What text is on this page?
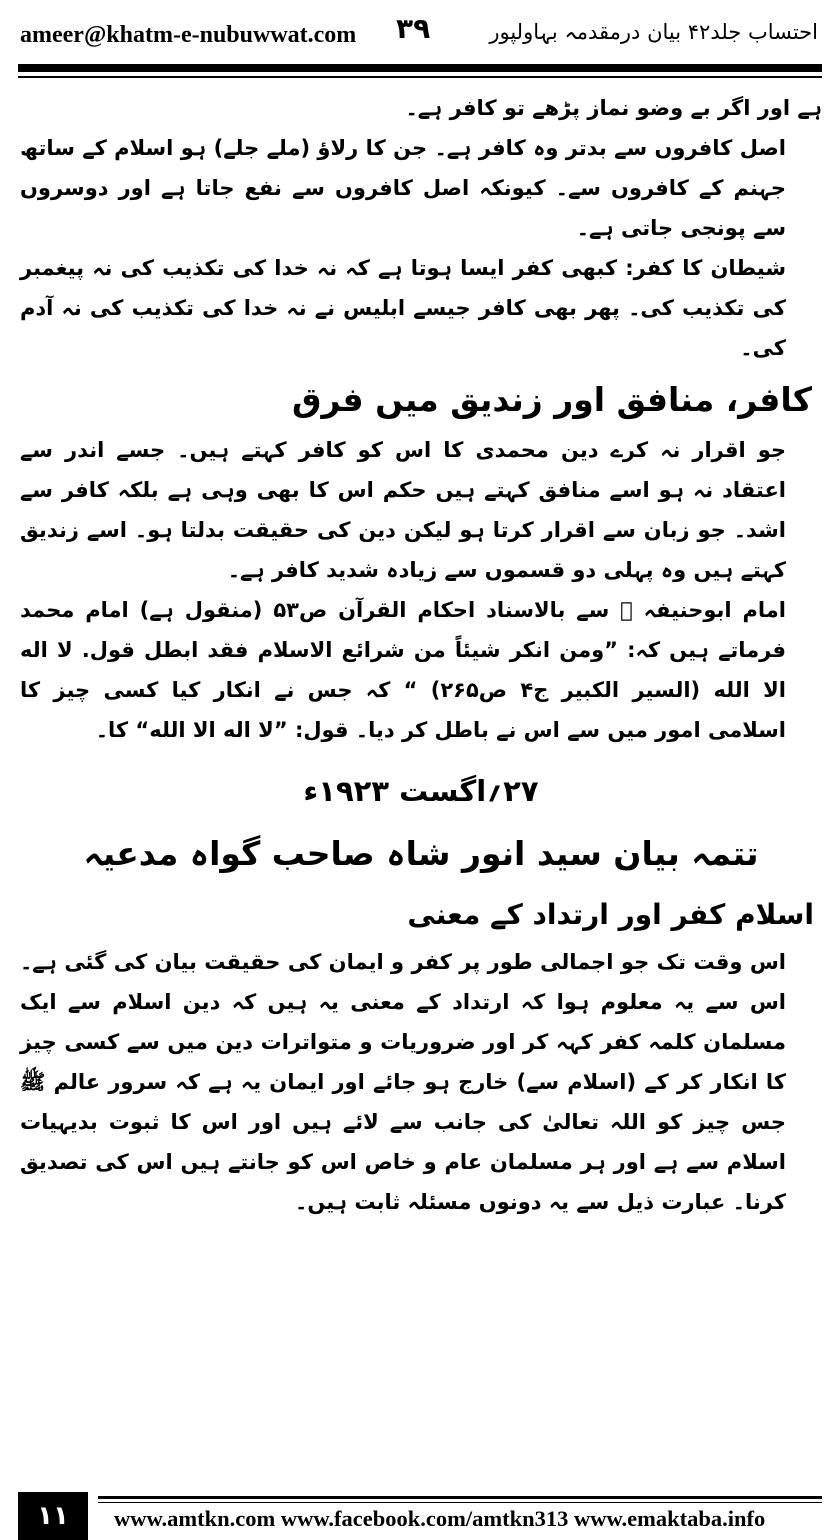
ameer@khatm-e-nubuwwat.com ۳۹	احتساب جلد۴۲ بیان درمقدمہ بہاولپور

ہے اور اگر بے وضو نماز پڑھے تو کافر ہے۔

اصل کافروں سے بدتر وہ کافر ہے۔ جن کا رلاؤ (ملے جلے) ہو اسلام کے ساتھ جہنم کے کافروں سے۔ کیونکہ اصل کافروں سے نفع جاتا ہے اور دوسروں سے پونجی جاتی ہے۔

شیطان کا کفر: کبھی کفر ایسا ہوتا ہے کہ نہ خدا کی تکذیب کی نہ پیغمبر کی تکذیب کی۔ پھر بھی کافر جیسے ابلیس نے نہ خدا کی تکذیب کی نہ آدم کی۔

کافر، منافق اور زندیق میں فرق

جو اقرار نہ کرے دین محمدی کا اس کو کافر کہتے ہیں۔ جسے اندر سے اعتقاد نہ ہو اسے منافق کہتے ہیں حکم اس کا بھی وہی ہے بلکہ کافر سے اشد۔ جو زبان سے اقرار کرتا ہو لیکن دین کی حقیقت بدلتا ہو۔ اسے زندیق کہتے ہیں وہ پہلی دو قسموں سے زیادہ شدید کافر ہے۔

امام ابوحنیفہ ﷫ سے بالاسناد احکام القرآن ص۵۳ (منقول ہے) امام محمد فرماتے ہیں کہ: ”ومن انکر شیئاً من شرائع الاسلام فقد ابطل قول. لا اله الا الله (السیر الکبیر ج۴ ص۲۶۵) “ کہ جس نے انکار کیا کسی چیز کا اسلامی امور میں سے اس نے باطل کر دیا۔ قول: ”لا اله الا الله“ کا۔

۲۷؍اگست ۱۹۲۳ء
تتمہ بیان سید انور شاہ صاحب گواہ مدعیہ
اسلام کفر اور ارتداد کے معنی

اس وقت تک جو اجمالی طور پر کفر و ایمان کی حقیقت بیان کی گئی ہے۔ اس سے یہ معلوم ہوا کہ ارتداد کے معنی یہ ہیں کہ دین اسلام سے ایک مسلمان کلمہ کفر کہہ کر اور ضروریات و متواترات دین میں سے کسی چیز کا انکار کر کے (اسلام سے) خارج ہو جائے اور ایمان یہ ہے کہ سرور عالم ﷺ جس چیز کو اللہ تعالیٰ کی جانب سے لائے ہیں اور اس کا ثبوت بدیہیات اسلام سے ہے اور ہر مسلمان عام و خاص اس کو جانتے ہیں اس کی تصدیق کرنا۔ عبارت ذیل سے یہ دونوں مسئلہ ثابت ہیں۔

۱۱	www.amtkn.com www.facebook.com/amtkn313 www.emaktaba.info
